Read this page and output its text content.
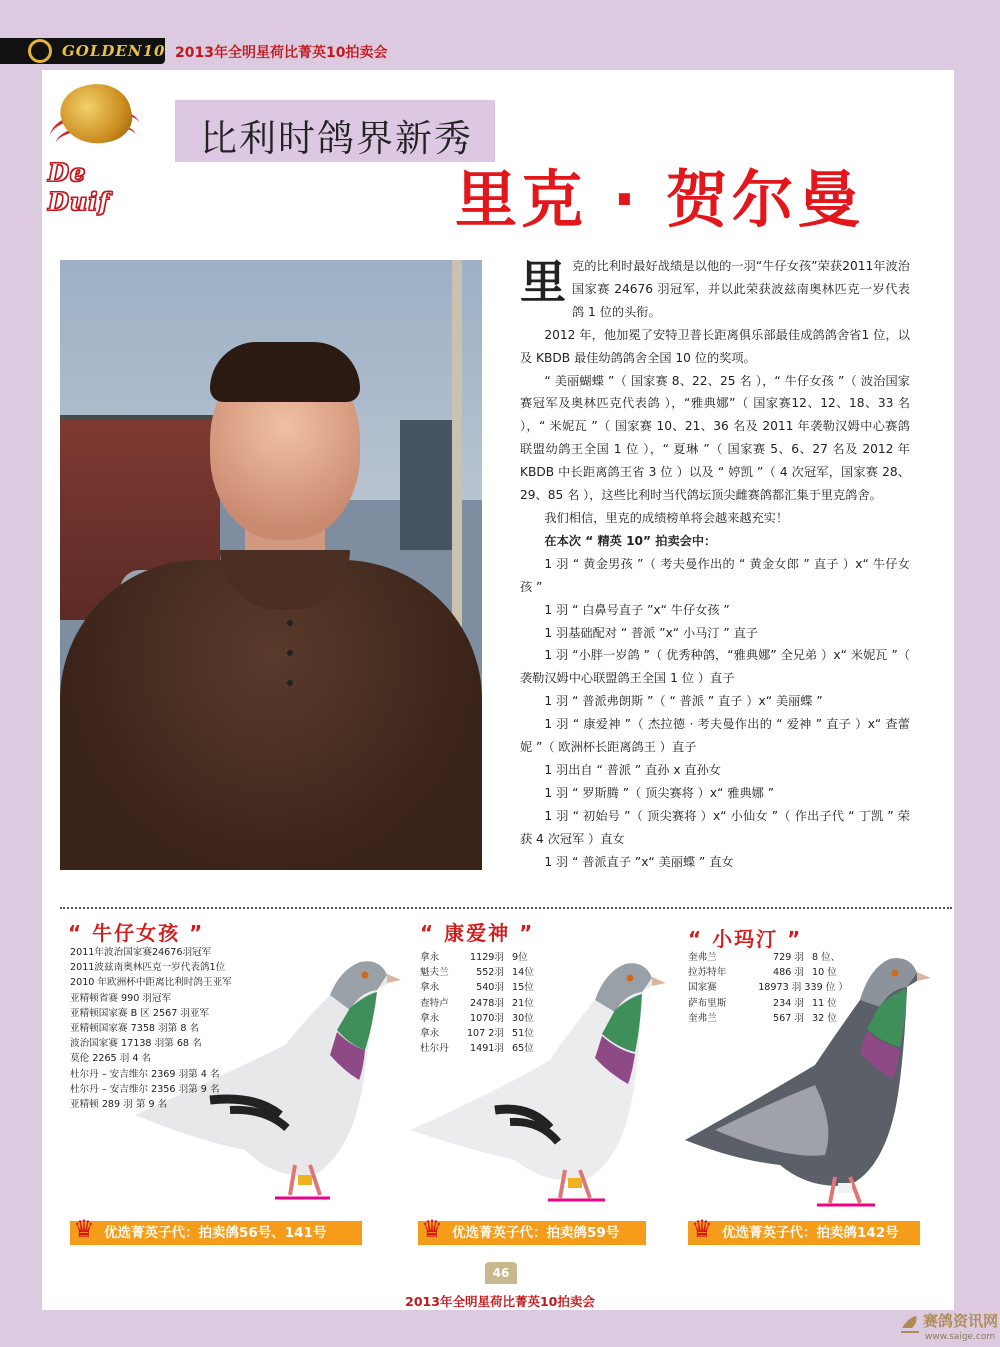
GOLDEN10 2013年全明星荷比菁英10拍卖会
De Duif
比利时鸽界新秀
里克 · 贺尔曼

里克的比利时最好战绩是以他的一羽“牛仔女孩”荣获2011年波治国家赛 24676 羽冠军，并以此荣获波兹南奥林匹克一岁代表鸽 1 位的头衔。

2012 年，他加冕了安特卫普长距离俱乐部最佳成鸽鸽舍省1 位，以及 KBDB 最佳幼鸽鸽舍全国 10 位的奖项。

“ 美丽蝴蝶 ”（ 国家赛 8、22、25 名 ），“ 牛仔女孩 ”（ 波治国家赛冠军及奥林匹克代表鸽 ），“雅典娜”（ 国家赛12、12、18、33 名 ），“ 米妮瓦 ”（ 国家赛 10、21、36 名及 2011 年袭勒汉姆中心赛鸽联盟幼鸽王全国 1 位 ），“ 夏琳 ”（ 国家赛 5、6、27 名及 2012 年 KBDB 中长距离鸽王省 3 位 ）以及 “ 婷凯 ”（ 4 次冠军，国家赛 28、29、85 名 ），这些比利时当代鸽坛顶尖雌赛鸽都汇集于里克鸽舍。

我们相信，里克的成绩榜单将会越来越充实！

在本次 “ 精英 10” 拍卖会中：

1 羽 “ 黄金男孩 ”（ 考夫曼作出的 “ 黄金女郎 ” 直子 ）x“ 牛仔女孩 ”

1 羽 “ 白鼻号直子 ”x“ 牛仔女孩 ”

1 羽基础配对 “ 普派 ”x“ 小马汀 ” 直子

1 羽 “小胖一岁鸽 ”（ 优秀种鸽，“雅典娜” 全兄弟 ）x“ 米妮瓦 ”（ 袭勒汉姆中心联盟鸽王全国 1 位 ）直子

1 羽 “ 普派弗朗斯 ”（ “ 普派 ” 直子 ）x“ 美丽蝶 ”

1 羽 “ 康爱神 ”（ 杰拉德 · 考夫曼作出的 “ 爱神 ” 直子 ）x“ 查蕾妮 ”（ 欧洲杯长距离鸽王 ）直子

1 羽出自 “ 普派 ” 直孙 x 直孙女

1 羽 “ 罗斯腾 ”（ 顶尖赛将 ）x“ 雅典娜 ”

1 羽 “ 初始号 ”（ 顶尖赛将 ）x“ 小仙女 ”（ 作出子代 “ 丁凯 ” 荣获 4 次冠军 ）直女

1 羽 “ 普派直子 ”x“ 美丽蝶 ” 直女

“ 牛仔女孩 ”
2011年波治国家赛24676羽冠军
2011波兹南奥林匹克一岁代表鸽1位
2010 年欧洲杯中距离比利时鸽王亚军
亚精顿省赛 990 羽冠军
亚精顿国家赛 B 区 2567 羽亚军
亚精顿国家赛 7358 羽第 8 名
波治国家赛 17138 羽第 68 名
莫伦 2265 羽 4 名
杜尔丹 – 安吉维尔 2369 羽第 4 名
杜尔丹 – 安吉维尔 2356 羽第 9 名
亚精顿 289 羽 第 9 名
♛ 优选菁英子代：拍卖鸽56号、141号
“ 康爱神 ”
拿永	1129羽 9位
魁夫兰	552羽 14位
拿永	540羽 15位
查特卢	2478羽 21位
拿永	1070羽 30位
拿永	107 2羽 51位
杜尔丹	1491羽 65位
♛ 优选菁英子代：拍卖鸽59号
“ 小玛汀 ”
奎弗兰	729 羽 8 位、
拉苏特年	486 羽 10 位
国家赛	18973 羽 339 位 ）
萨布里斯	234 羽 11 位
奎弗兰	567 羽 32 位
♛ 优选菁英子代：拍卖鸽142号
46
2013年全明星荷比菁英10拍卖会
赛鸽资讯网
www.saige.com
